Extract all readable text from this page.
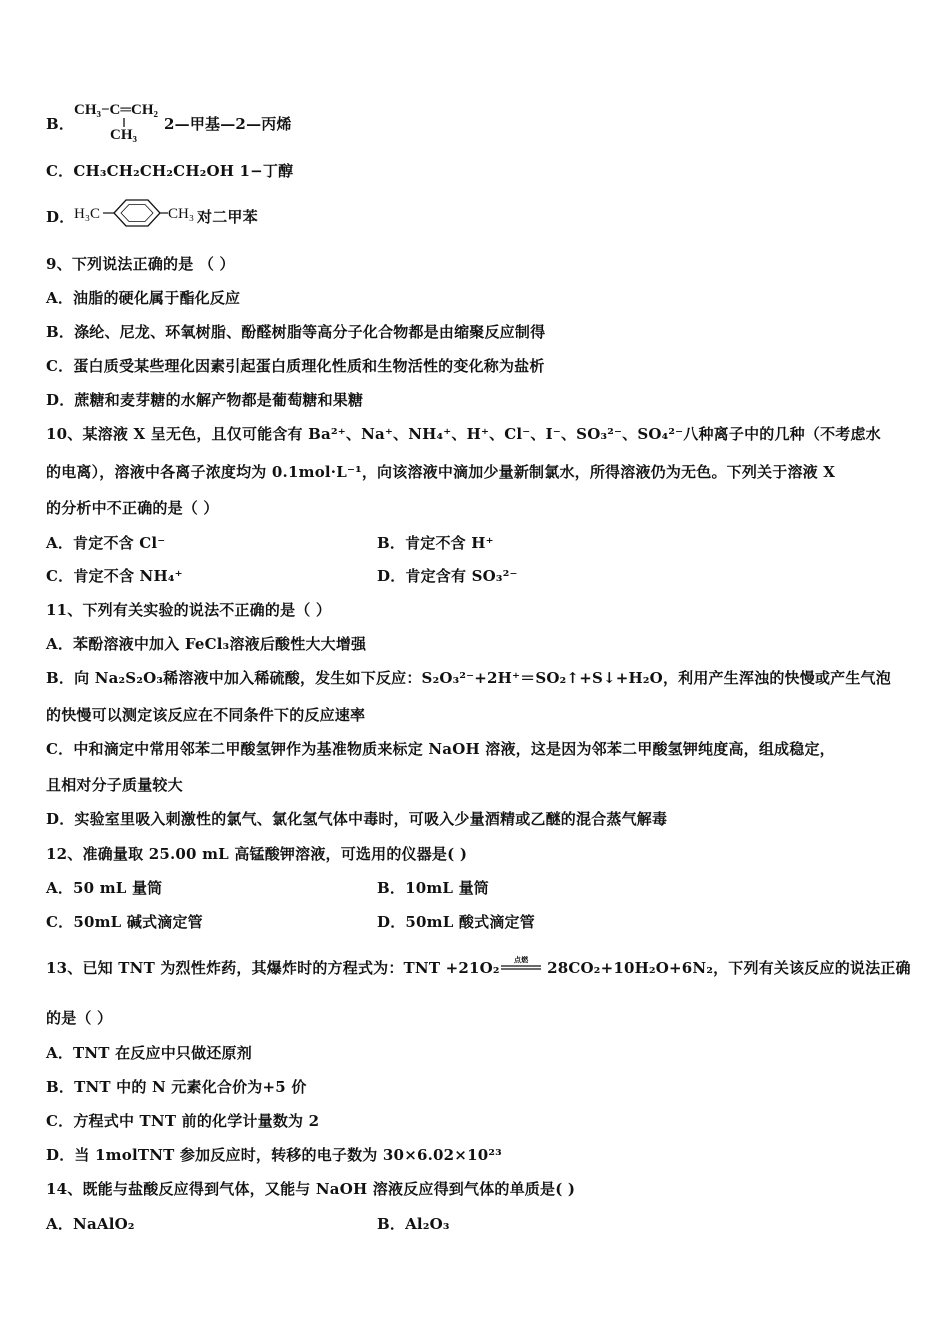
B．
CH₃−C═CH₂
CH₃
2—甲基—2—丙烯
C．CH₃CH₂CH₂CH₂OH 1−丁醇
D． H₃C	CH₃ 对二甲苯
9、下列说法正确的是 （ ）
A．油脂的硬化属于酯化反应
B．涤纶、尼龙、环氧树脂、酚醛树脂等高分子化合物都是由缩聚反应制得
C．蛋白质受某些理化因素引起蛋白质理化性质和生物活性的变化称为盐析
D．蔗糖和麦芽糖的水解产物都是葡萄糖和果糖
10、某溶液 X 呈无色，且仅可能含有 Ba²⁺、Na⁺、NH₄⁺、H⁺、Cl⁻、I⁻、SO₃²⁻、SO₄²⁻八种离子中的几种（不考虑水
的电离），溶液中各离子浓度均为 0.1mol·L⁻¹，向该溶液中滴加少量新制氯水，所得溶液仍为无色。下列关于溶液 X
的分析中不正确的是（ ）
A．肯定不含 Cl⁻	B．肯定不含 H⁺
C．肯定不含 NH₄⁺	D．肯定含有 SO₃²⁻
11、下列有关实验的说法不正确的是（ ）
A．苯酚溶液中加入 FeCl₃溶液后酸性大大增强
B．向 Na₂S₂O₃稀溶液中加入稀硫酸，发生如下反应：S₂O₃²⁻+2H⁺＝SO₂↑+S↓+H₂O，利用产生浑浊的快慢或产生气泡
的快慢可以测定该反应在不同条件下的反应速率
C．中和滴定中常用邻苯二甲酸氢钾作为基准物质来标定 NaOH 溶液，这是因为邻苯二甲酸氢钾纯度高，组成稳定，
且相对分子质量较大
D．实验室里吸入刺激性的氯气、氯化氢气体中毒时，可吸入少量酒精或乙醚的混合蒸气解毒
12、准确量取 25.00 mL 高锰酸钾溶液，可选用的仪器是( )
A．50 mL 量筒	B．10mL 量筒
C．50mL 碱式滴定管	D．50mL 酸式滴定管
13、已知 TNT 为烈性炸药，其爆炸时的方程式为：TNT +21O₂ 点燃 28CO₂+10H₂O+6N₂，下列有关该反应的说法正确
的是（ ）
A．TNT 在反应中只做还原剂
B．TNT 中的 N 元素化合价为+5 价
C．方程式中 TNT 前的化学计量数为 2
D．当 1molTNT 参加反应时，转移的电子数为 30×6.02×10²³
14、既能与盐酸反应得到气体，又能与 NaOH 溶液反应得到气体的单质是( )
A．NaAlO₂	B．Al₂O₃
